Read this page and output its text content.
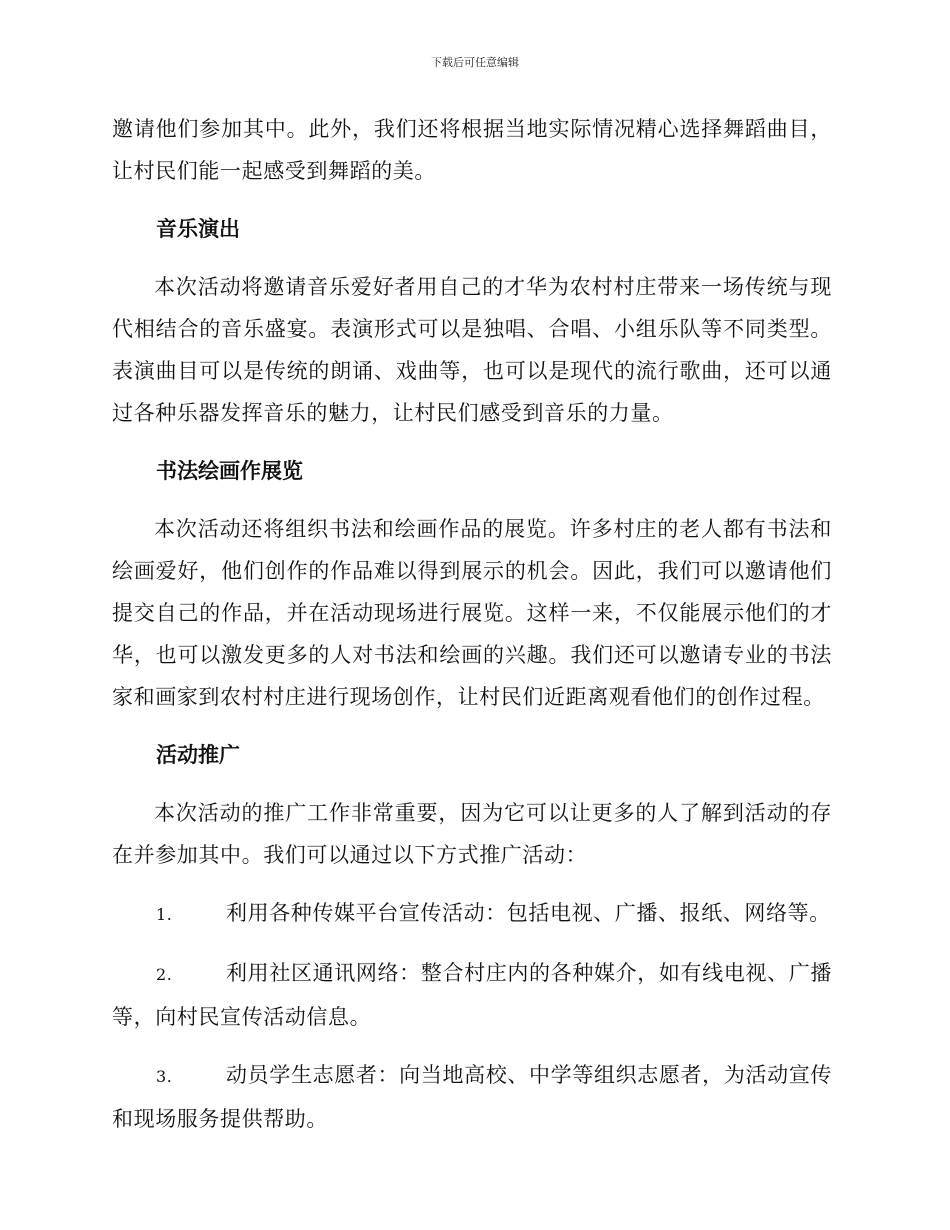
下载后可任意编辑

邀请他们参加其中。此外，我们还将根据当地实际情况精心选择舞蹈曲目，让村民们能一起感受到舞蹈的美。

音乐演出

本次活动将邀请音乐爱好者用自己的才华为农村村庄带来一场传统与现代相结合的音乐盛宴。表演形式可以是独唱、合唱、小组乐队等不同类型。表演曲目可以是传统的朗诵、戏曲等，也可以是现代的流行歌曲，还可以通过各种乐器发挥音乐的魅力，让村民们感受到音乐的力量。

书法绘画作展览

本次活动还将组织书法和绘画作品的展览。许多村庄的老人都有书法和绘画爱好，他们创作的作品难以得到展示的机会。因此，我们可以邀请他们提交自己的作品，并在活动现场进行展览。这样一来，不仅能展示他们的才华，也可以激发更多的人对书法和绘画的兴趣。我们还可以邀请专业的书法家和画家到农村村庄进行现场创作，让村民们近距离观看他们的创作过程。

活动推广

本次活动的推广工作非常重要，因为它可以让更多的人了解到活动的存在并参加其中。我们可以通过以下方式推广活动：

1.	利用各种传媒平台宣传活动：包括电视、广播、报纸、网络等。

2.	利用社区通讯网络：整合村庄内的各种媒介，如有线电视、广播等，向村民宣传活动信息。

3.	动员学生志愿者：向当地高校、中学等组织志愿者，为活动宣传和现场服务提供帮助。
